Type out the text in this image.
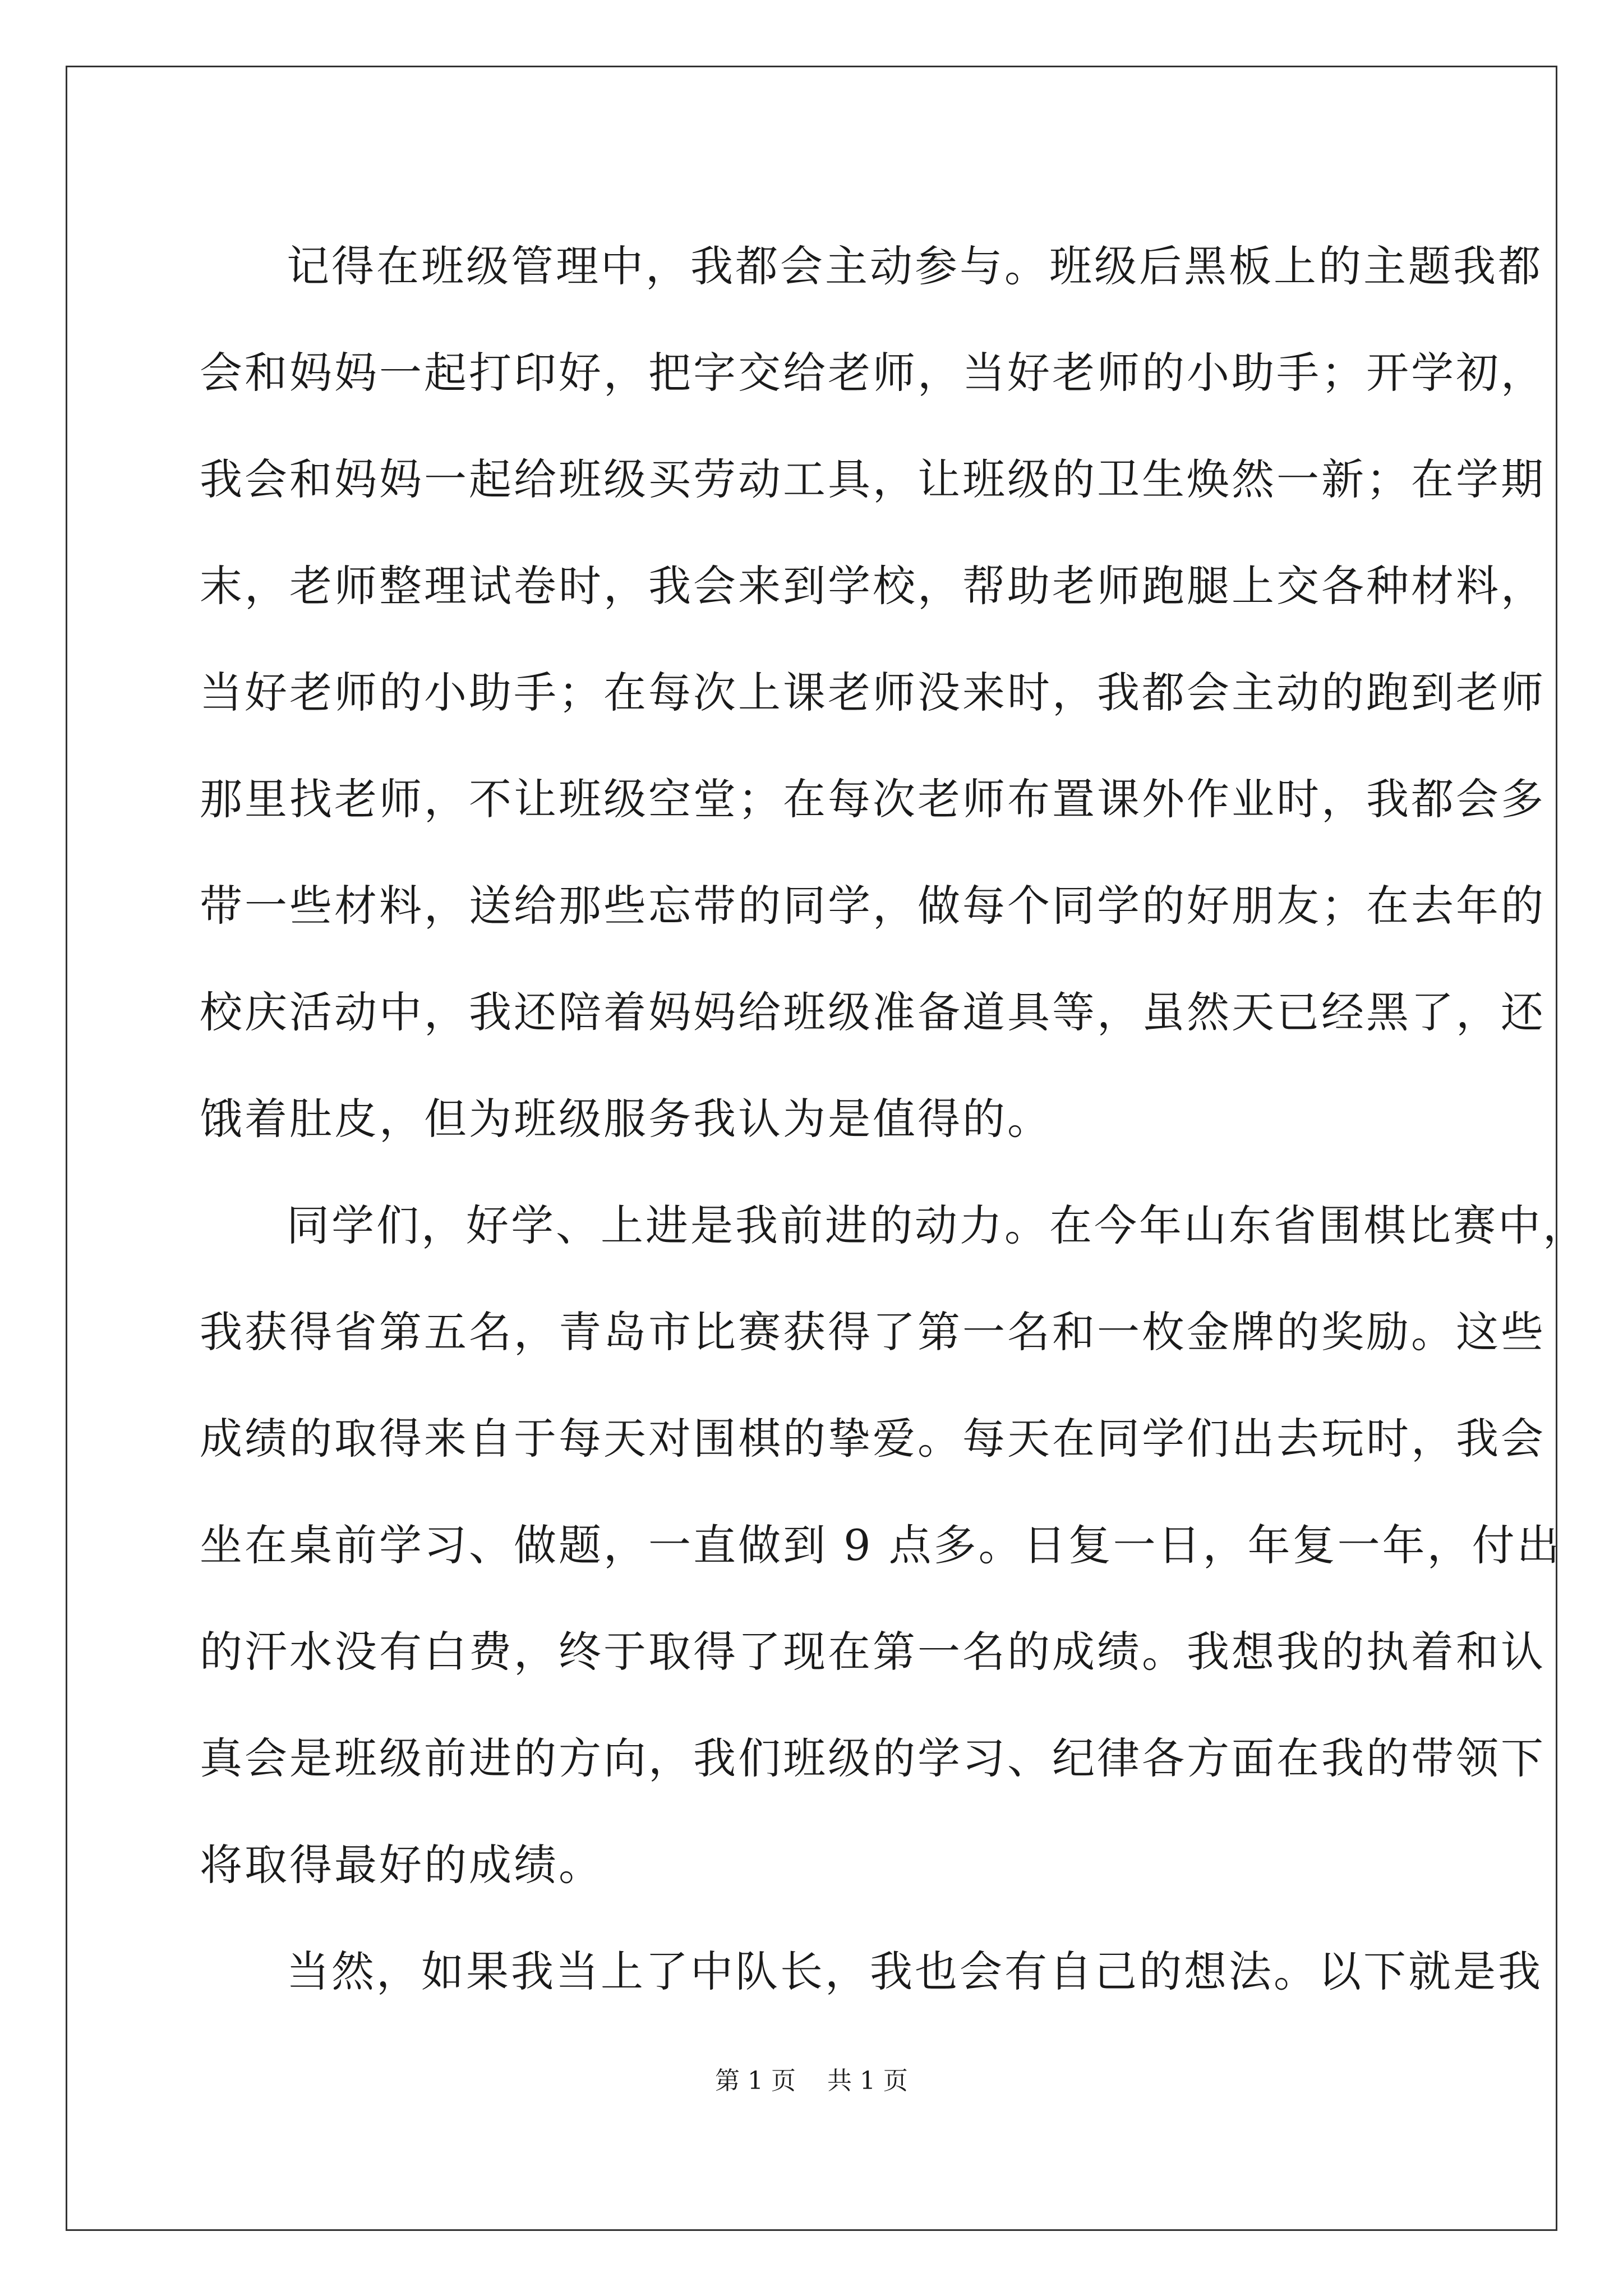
记得在班级管理中，我都会主动参与。班级后黑板上的主题我都
会和妈妈一起打印好，把字交给老师，当好老师的小助手；开学初，
我会和妈妈一起给班级买劳动工具，让班级的卫生焕然一新；在学期
末，老师整理试卷时，我会来到学校，帮助老师跑腿上交各种材料，
当好老师的小助手；在每次上课老师没来时，我都会主动的跑到老师
那里找老师，不让班级空堂；在每次老师布置课外作业时，我都会多
带一些材料，送给那些忘带的同学，做每个同学的好朋友；在去年的
校庆活动中，我还陪着妈妈给班级准备道具等，虽然天已经黑了，还
饿着肚皮，但为班级服务我认为是值得的。
同学们，好学、上进是我前进的动力。在今年山东省围棋比赛中，
我获得省第五名，青岛市比赛获得了第一名和一枚金牌的奖励。这些
成绩的取得来自于每天对围棋的挚爱。每天在同学们出去玩时，我会
坐在桌前学习、做题，一直做到 9 点多。日复一日，年复一年，付出
的汗水没有白费，终于取得了现在第一名的成绩。我想我的执着和认
真会是班级前进的方向，我们班级的学习、纪律各方面在我的带领下
将取得最好的成绩。
当然，如果我当上了中队长，我也会有自己的想法。以下就是我
第 1 页    共 1 页
